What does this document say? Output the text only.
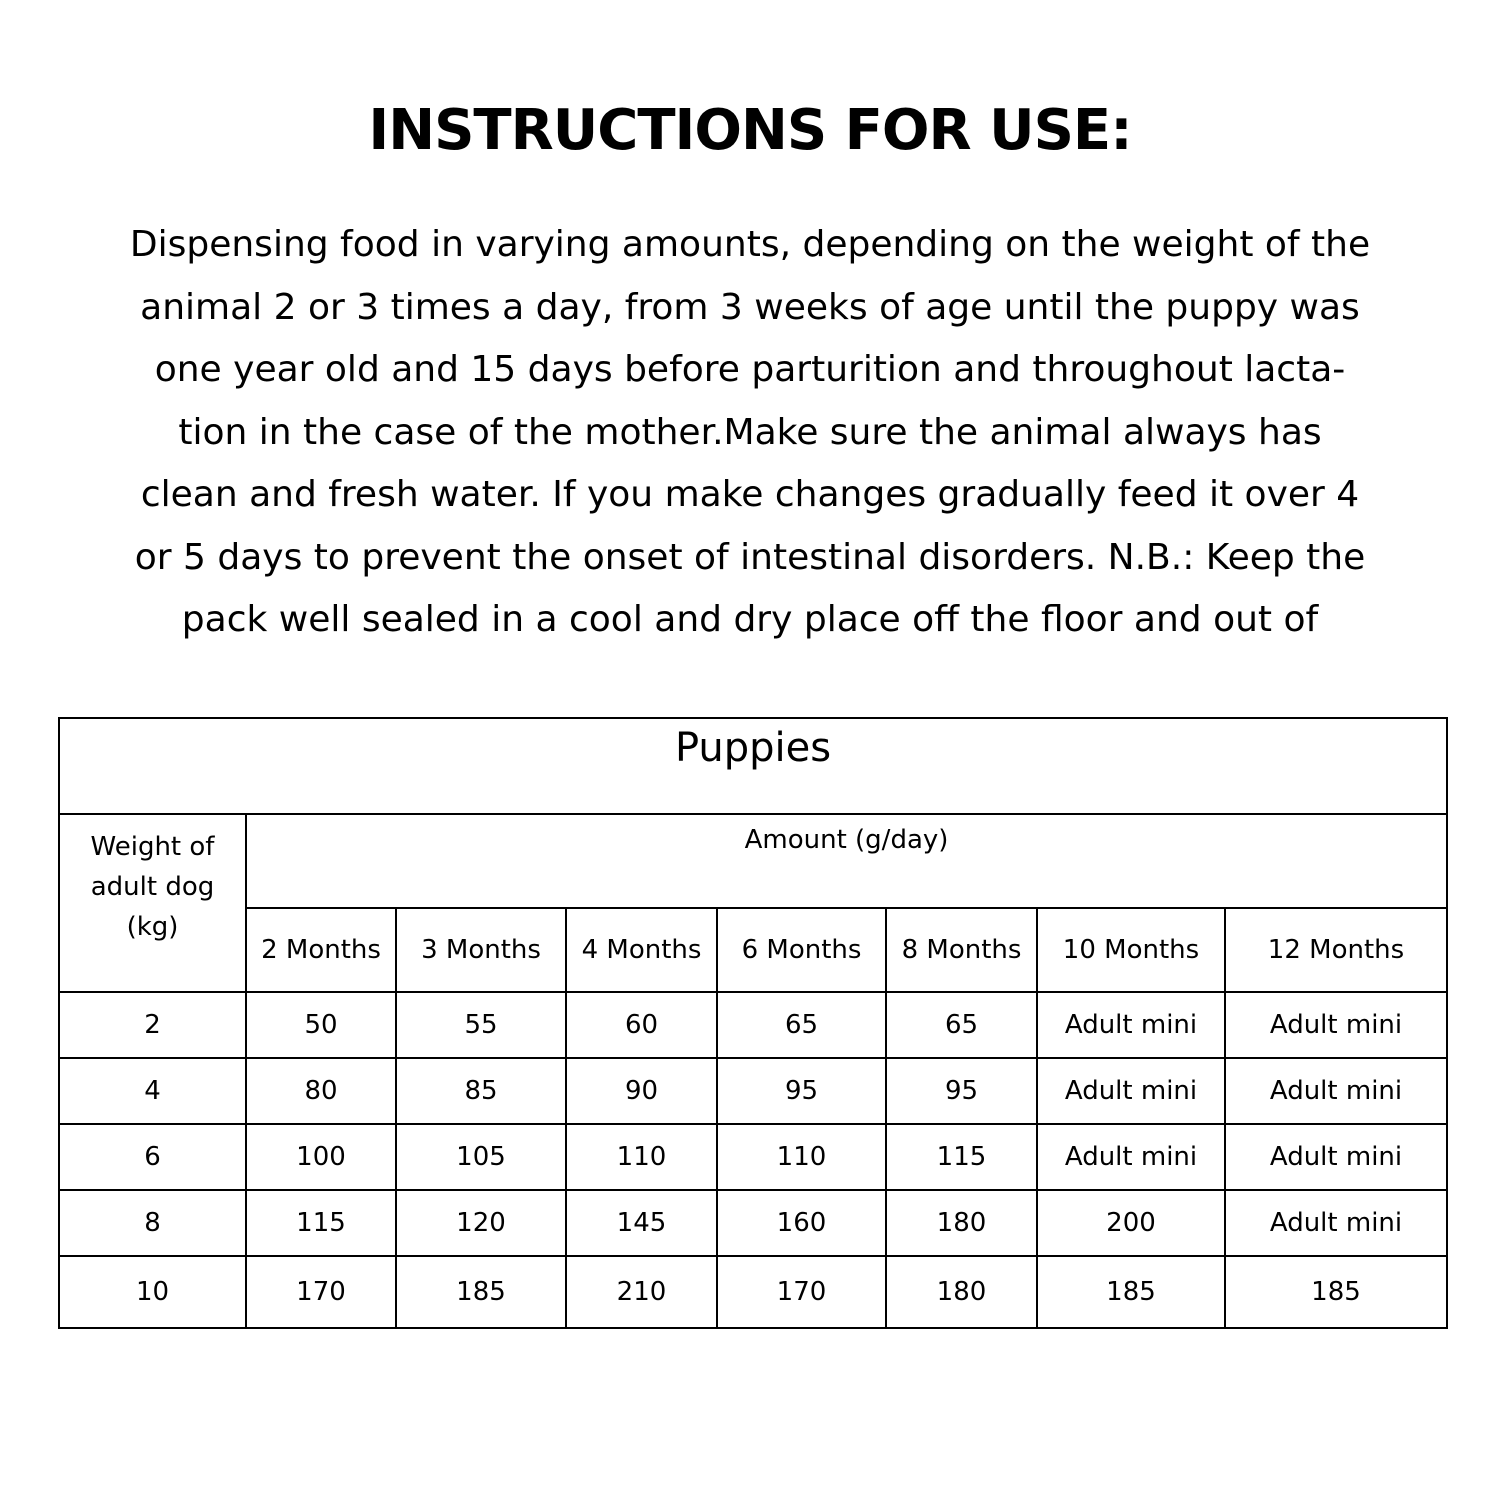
INSTRUCTIONS FOR USE:
Dispensing food in varying amounts, depending on the weight of the
animal 2 or 3 times a day, from 3 weeks of age until the puppy was
one year old and 15 days before parturition and throughout lacta-
tion in the case of the mother.Make sure the animal always has
clean and fresh water. If you make changes gradually feed it over 4
or 5 days to prevent the onset of intestinal disorders. N.B.: Keep the
pack well sealed in a cool and dry place off the floor and out of
Puppies							

Weight of
adult dog
(kg)	Amount (g/day)						
	2 Months	3 Months	4 Months	6 Months	8 Months	10 Months	12 Months
2	50	55	60	65	65	Adult mini	Adult mini
4	80	85	90	95	95	Adult mini	Adult mini
6	100	105	110	110	115	Adult mini	Adult mini
8	115	120	145	160	180	200	Adult mini
10	170	185	210	170	180	185	185
